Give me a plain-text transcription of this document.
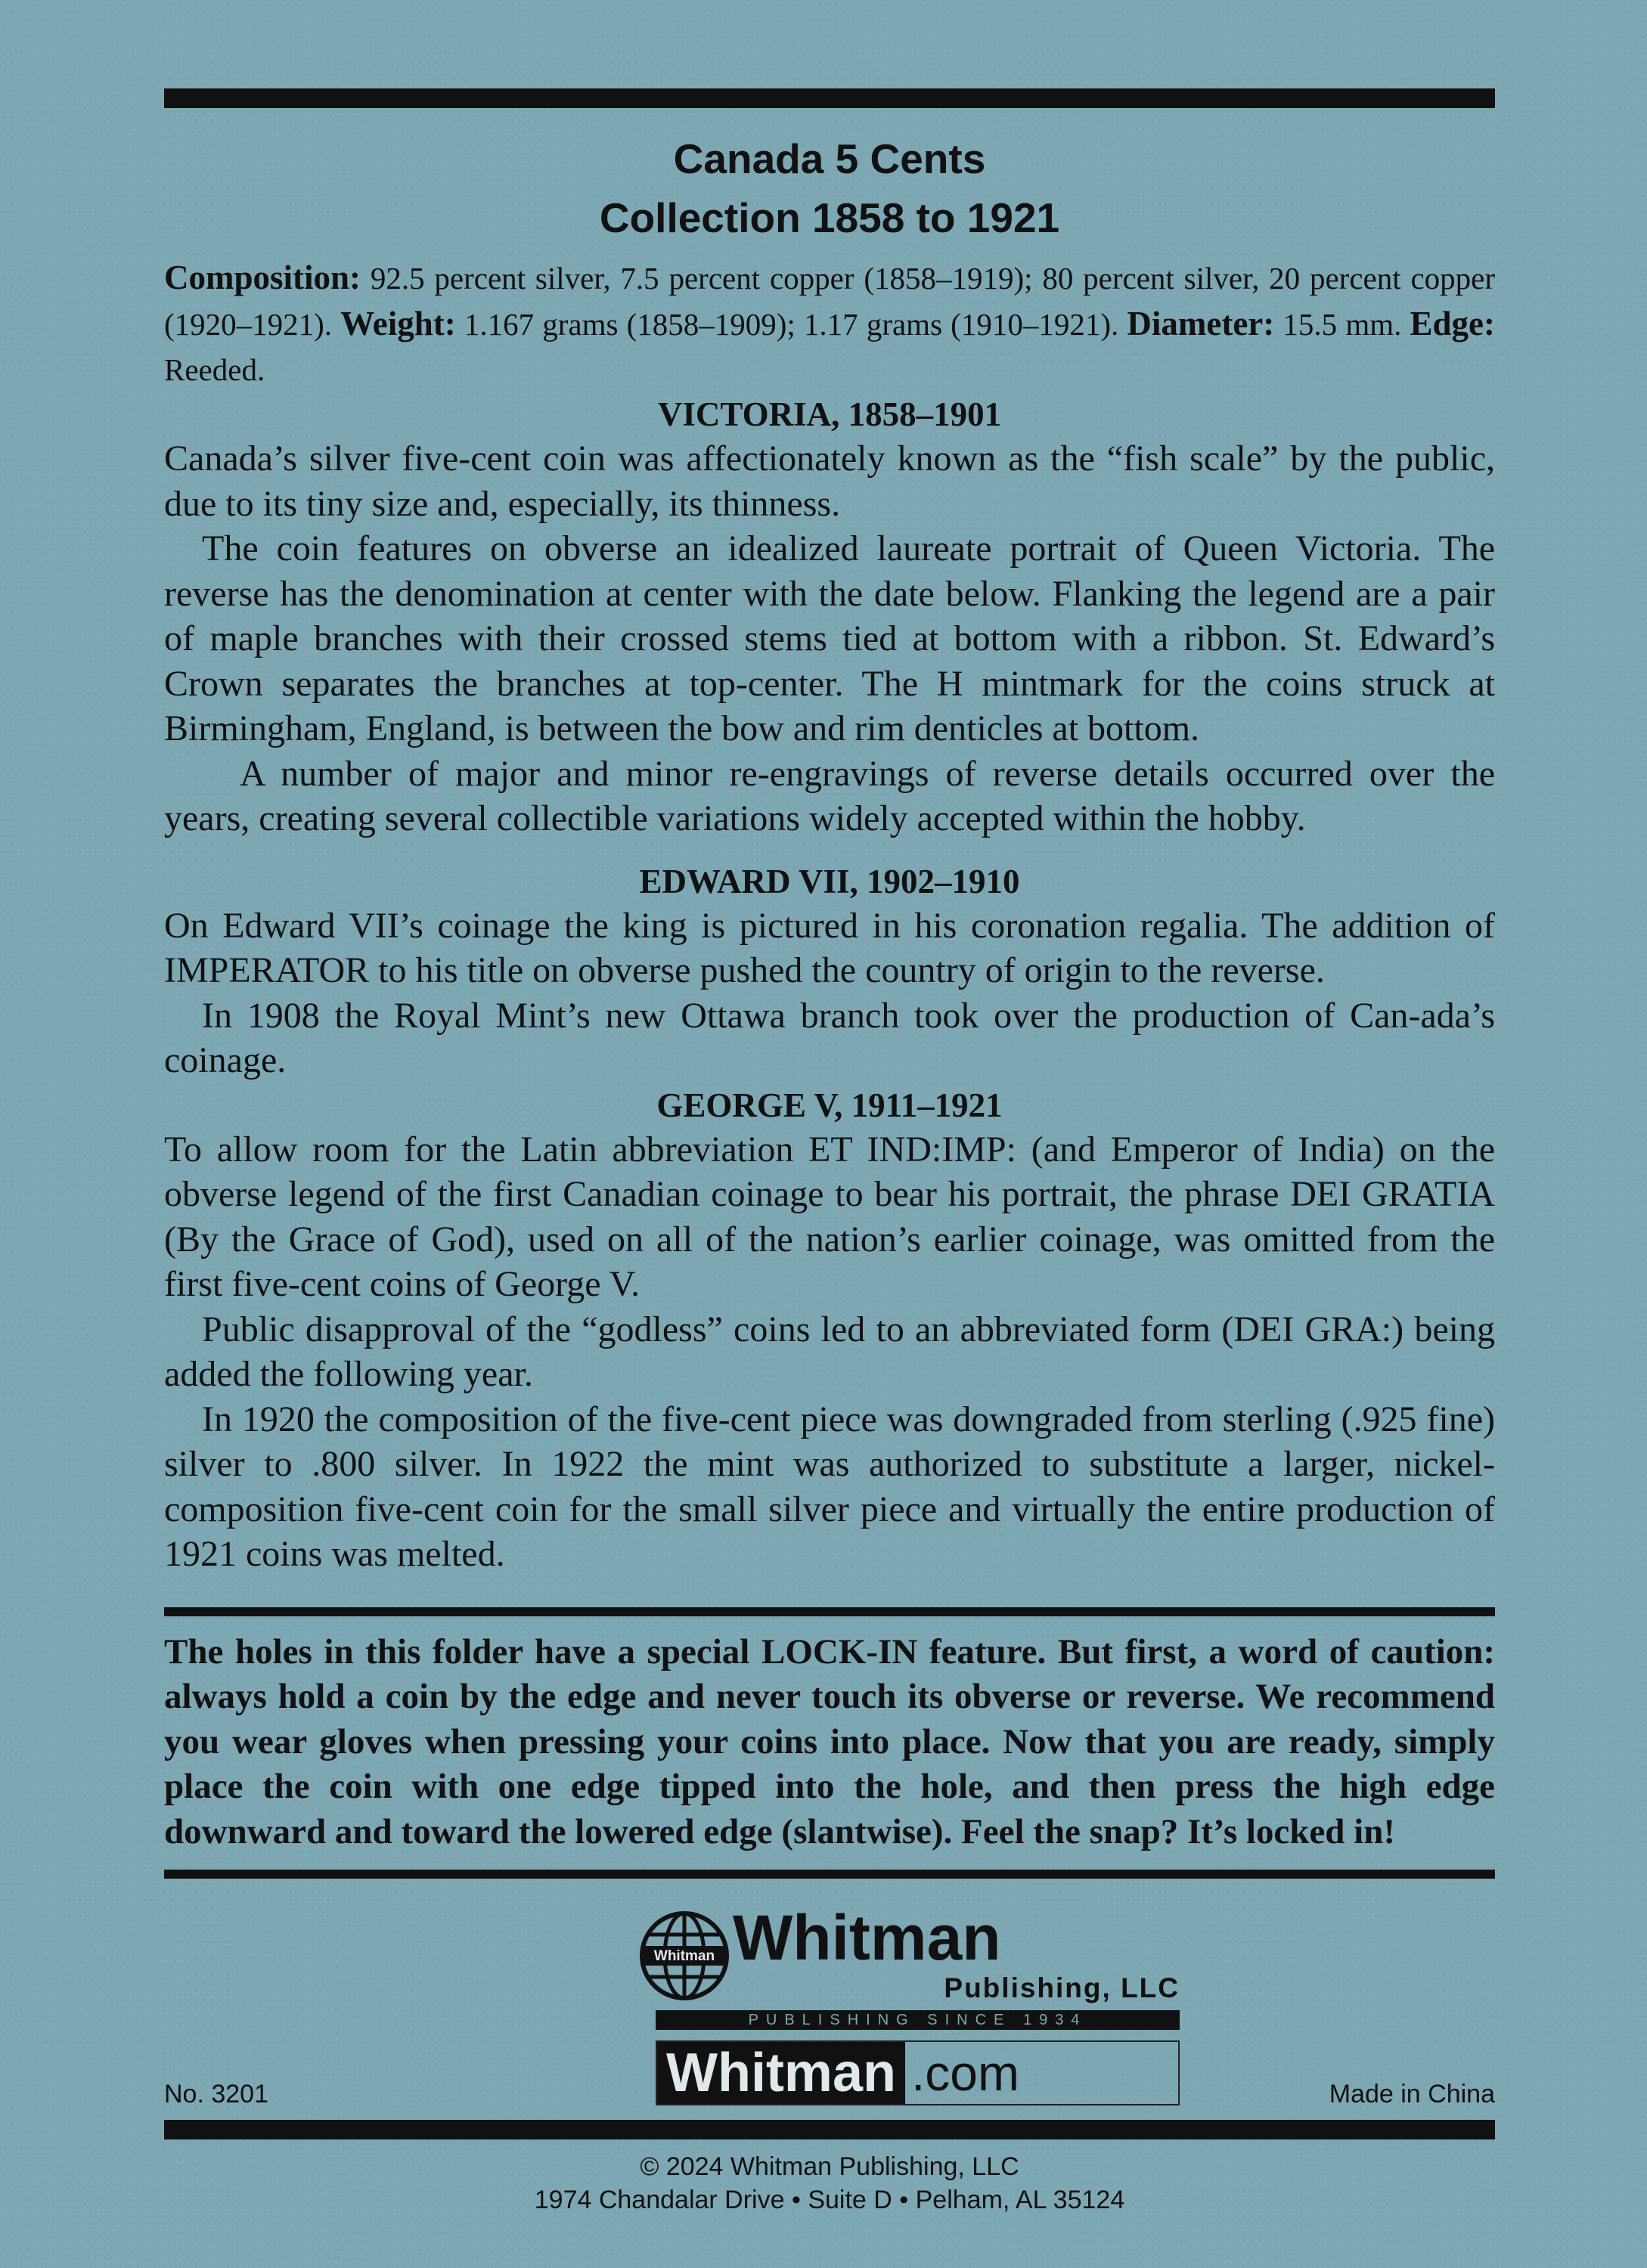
Canada 5 Cents
Collection 1858 to 1921
Composition: 92.5 percent silver, 7.5 percent copper (1858–1919); 80 percent silver, 20 percent copper (1920–1921). Weight: 1.167 grams (1858–1909); 1.17 grams (1910–1921). Diameter: 15.5 mm. Edge: Reeded.
VICTORIA, 1858–1901

Canada’s silver five-cent coin was affectionately known as the “fish scale” by the public, due to its tiny size and, especially, its thinness.

The coin features on obverse an idealized laureate portrait of Queen Victoria. The reverse has the denomination at center with the date below. Flanking the legend are a pair of maple branches with their crossed stems tied at bottom with a ribbon. St. Edward’s Crown separates the branches at top-center. The H mintmark for the coins struck at Birmingham, England, is between the bow and rim denticles at bottom.

A number of major and minor re-engravings of reverse details occurred over the years, creating several collectible variations widely accepted within the hobby.

EDWARD VII, 1902–1910

On Edward VII’s coinage the king is pictured in his coronation regalia. The addition of IMPERATOR to his title on obverse pushed the country of origin to the reverse.

In 1908 the Royal Mint’s new Ottawa branch took over the production of Can-ada’s coinage.

GEORGE V, 1911–1921

To allow room for the Latin abbreviation ET IND:IMP: (and Emperor of India) on the obverse legend of the first Canadian coinage to bear his portrait, the phrase DEI GRATIA (By the Grace of God), used on all of the nation’s earlier coinage, was omitted from the first five-cent coins of George V.

Public disapproval of the “godless” coins led to an abbreviated form (DEI GRA:) being added the following year.

In 1920 the composition of the five-cent piece was downgraded from sterling (.925 fine) silver to .800 silver. In 1922 the mint was authorized to substitute a larger, nickel-composition five-cent coin for the small silver piece and virtually the entire production of 1921 coins was melted.

The holes in this folder have a special LOCK-IN feature. But first, a word of caution: always hold a coin by the edge and never touch its obverse or reverse. We recommend you wear gloves when pressing your coins into place. Now that you are ready, simply place the coin with one edge tipped into the hole, and then press the high edge downward and toward the lowered edge (slantwise). Feel the snap? It’s locked in!

Whitman Whitman
Publishing, LLC
PUBLISHING SINCE 1934
Whitman .com
No. 3201	Made in China
© 2024 Whitman Publishing, LLC
1974 Chandalar Drive • Suite D • Pelham, AL 35124
